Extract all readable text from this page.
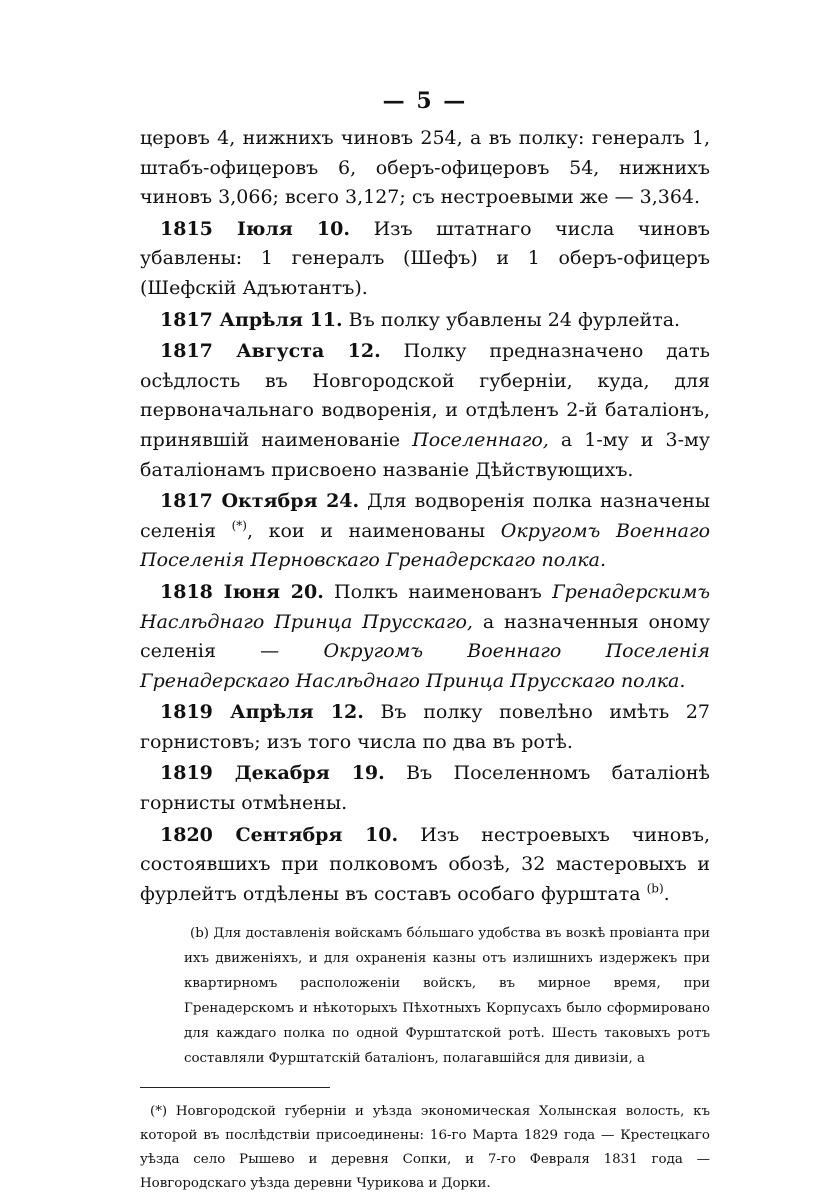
— 5 —

церовъ 4, нижнихъ чиновъ 254, а въ полку: генералъ 1, штабъ-офицеровъ 6, оберъ-офицеровъ 54, нижнихъ чиновъ 3,066; всего 3,127; съ нестроевыми же — 3,364.

1815 Іюля 10. Изъ штатнаго числа чиновъ убавлены: 1 генералъ (Шефъ) и 1 оберъ-офицеръ (Шефскій Адъютантъ).

1817 Апрѣля 11. Въ полку убавлены 24 фурлейта.

1817 Августа 12. Полку предназначено дать осѣдлость въ Новгородской губерніи, куда, для первоначальнаго водворенія, и отдѣленъ 2-й баталіонъ, принявшій наименованіе Поселеннаго, а 1-му и 3-му баталіонамъ присвоено названіе Дѣйствующихъ.

1817 Октября 24. Для водворенія полка назначены селенія (*), кои и наименованы Округомъ Военнаго Поселенія Перновскаго Гренадерскаго полка.

1818 Іюня 20. Полкъ наименованъ Гренадерскимъ Наслѣднаго Принца Прусскаго, а назначенныя оному селенія — Округомъ Военнаго Поселенія Гренадерскаго Наслѣднаго Принца Прусскаго полка.

1819 Апрѣля 12. Въ полку повелѣно имѣть 27 горнистовъ; изъ того числа по два въ ротѣ.

1819 Декабря 19. Въ Поселенномъ баталіонѣ горнисты отмѣнены.

1820 Сентября 10. Изъ нестроевыхъ чиновъ, состоявшихъ при полковомъ обозѣ, 32 мастеровыхъ и фурлейтъ отдѣлены въ составъ особаго фурштата $^{(b)}$.

(b) Для доставленія войскамъ бóльшаго удобства въ возкѣ провіанта при ихъ движеніяхъ, и для охраненія казны отъ излишнихъ издержекъ при квартирномъ расположеніи войскъ, въ мирное время, при Гренадерскомъ и нѣкоторыхъ Пѣхотныхъ Корпусахъ было сформировано для каждаго полка по одной Фурштатской ротѣ. Шесть таковыхъ ротъ составляли Фурштатскій баталіонъ, полагавшійся для дивизіи, а

(*) Новгородской губерніи и уѣзда экономическая Холынская волость, къ которой въ послѣдствіи присоединены: 16-го Марта 1829 года — Крестецкаго уѣзда село Рышево и деревня Сопки, и 7-го Февраля 1831 года — Новгородскаго уѣзда деревни Чурикова и Дорки.
